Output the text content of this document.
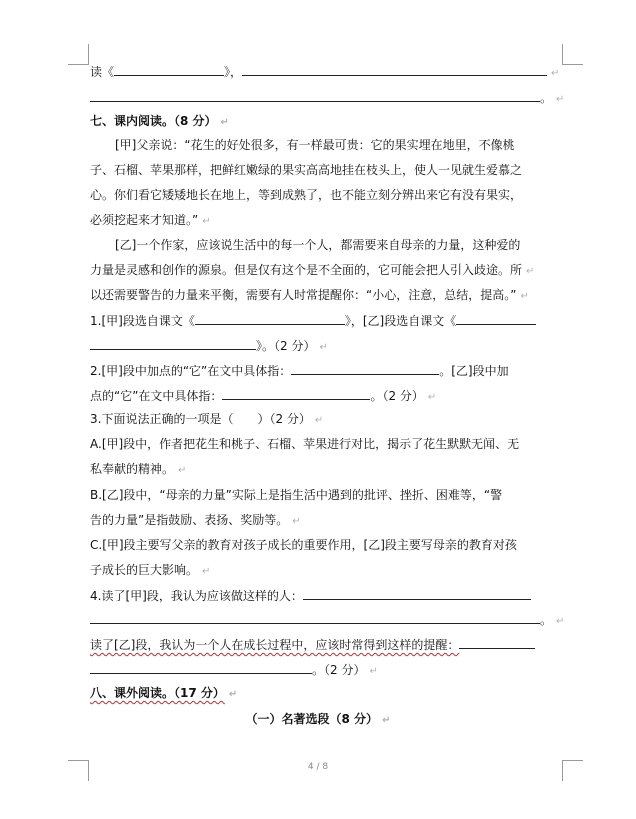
读《	》，	↵
。 ↵
七、课内阅读。（8 分） ↵
[甲]父亲说：“花生的好处很多，有一样最可贵：它的果实埋在地里，不像桃
子、石榴、苹果那样，把鲜红嫩绿的果实高高地挂在枝头上，使人一见就生爱慕之
心。你们看它矮矮地长在地上，等到成熟了，也不能立刻分辨出来它有没有果实，
必须挖起来才知道。” ↵
[乙]一个作家，应该说生活中的每一个人，都需要来自母亲的力量，这种爱的
力量是灵感和创作的源泉。但是仅有这个是不全面的，它可能会把人引入歧途。所 ↵
以还需要警告的力量来平衡，需要有人时常提醒你：“小心，注意，总结，提高。” ↵
1.[甲]段选自课文《	》，[乙]段选自课文《
》。（2 分） ↵
2.[甲]段中加点的“它”在文中具体指：	。[乙]段中加
点的“它”在文中具体指：	。（2 分） ↵
3.下面说法正确的一项是（　　）（2 分） ↵
A.[甲]段中，作者把花生和桃子、石榴、苹果进行对比，揭示了花生默默无闻、无
私奉献的精神。 ↵
B.[乙]段中，“母亲的力量”实际上是指生活中遇到的批评、挫折、困难等，“警
告的力量”是指鼓励、表扬、奖励等。 ↵
C.[甲]段主要写父亲的教育对孩子成长的重要作用，[乙]段主要写母亲的教育对孩
子成长的巨大影响。 ↵
4.读了[甲]段，我认为应该做这样的人：
。 ↵
读了[乙]段，我认为一个人在成长过程中，应该时常得到这样的提醒：
。（2 分） ↵
八、课外阅读。（17 分） ↵
（一）名著选段（8 分） ↵
4 / 8
